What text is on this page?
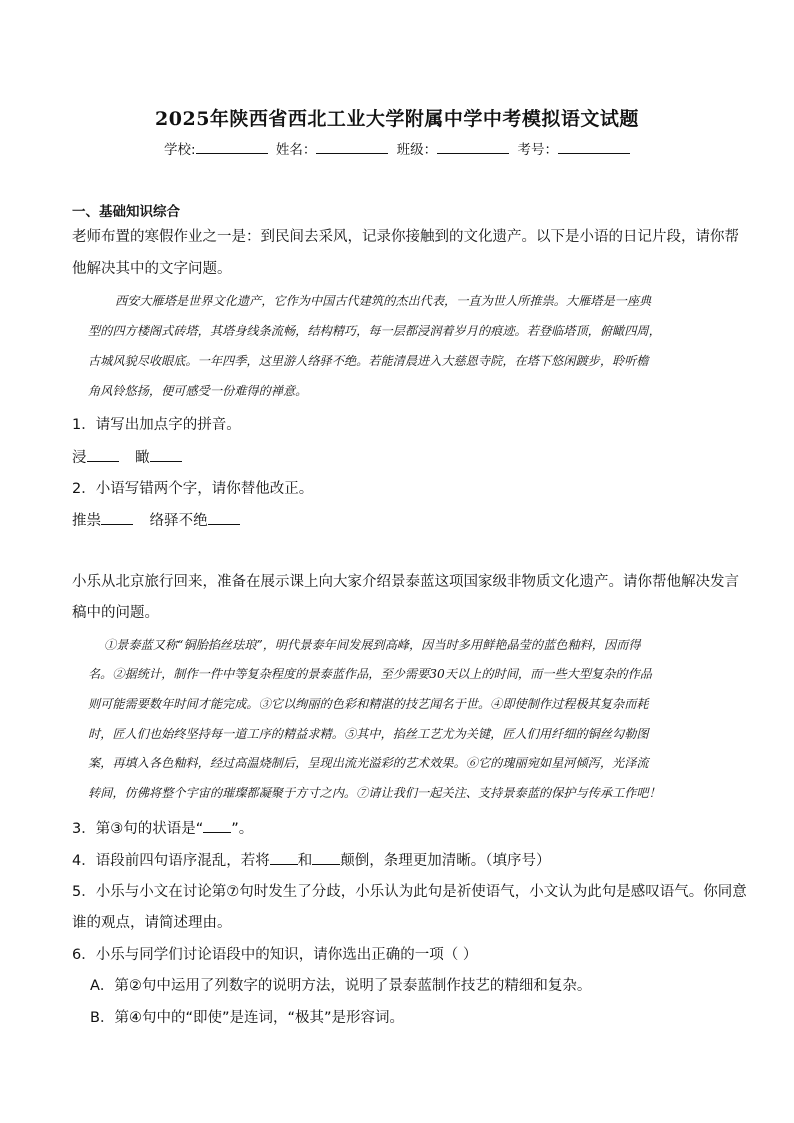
2025年陕西省西北工业大学附属中学中考模拟语文试题
学校:	姓名：	班级：	考号：
一、基础知识综合
老师布置的寒假作业之一是：到民间去采风，记录你接触到的文化遗产。以下是小语的日记片段，请你帮
他解决其中的文字问题。
西安大雁塔是世界文化遗产，它作为中国古代建筑的杰出代表，一直为世人所推祟。大雁塔是一座典
型的四方楼阁式砖塔，其塔身线条流畅，结构精巧，每一层都浸润着岁月的痕迹。若登临塔顶，俯瞰四周，
古城风貌尽收眼底。一年四季，这里游人络驿不绝。若能清晨进入大慈恩寺院，在塔下悠闲踱步，聆听檐
角风铃悠扬，便可感受一份难得的禅意。
1．请写出加点字的拼音。
浸	瞰
2．小语写错两个字，请你替他改正。
推祟	络驿不绝
小乐从北京旅行回来，准备在展示课上向大家介绍景泰蓝这项国家级非物质文化遗产。请你帮他解决发言
稿中的问题。
①景泰蓝又称“铜胎掐丝珐琅”，明代景泰年间发展到高峰，因当时多用鲜艳晶莹的蓝色釉料，因而得
名。②据统计，制作一件中等复杂程度的景泰蓝作品，至少需要30天以上的时间，而一些大型复杂的作品
则可能需要数年时间才能完成。③它以绚丽的色彩和精湛的技艺闻名于世。④即使制作过程极其复杂而耗
时，匠人们也始终坚持每一道工序的精益求精。⑤其中，掐丝工艺尤为关键，匠人们用纤细的铜丝勾勒图
案，再填入各色釉料，经过高温烧制后，呈现出流光溢彩的艺术效果。⑥它的瑰丽宛如星河倾泻，光泽流
转间，仿佛将整个宇宙的璀璨都凝聚于方寸之内。⑦请让我们一起关注、支持景泰蓝的保护与传承工作吧！
3．第③句的状语是“ ”。
4．语段前四句语序混乱，若将 和 颠倒，条理更加清晰。（填序号）
5．小乐与小文在讨论第⑦句时发生了分歧，小乐认为此句是祈使语气，小文认为此句是感叹语气。你同意
谁的观点，请简述理由。
6．小乐与同学们讨论语段中的知识，请你选出正确的一项（ ）
A．第②句中运用了列数字的说明方法，说明了景泰蓝制作技艺的精细和复杂。
B．第④句中的“即使”是连词，“极其”是形容词。
